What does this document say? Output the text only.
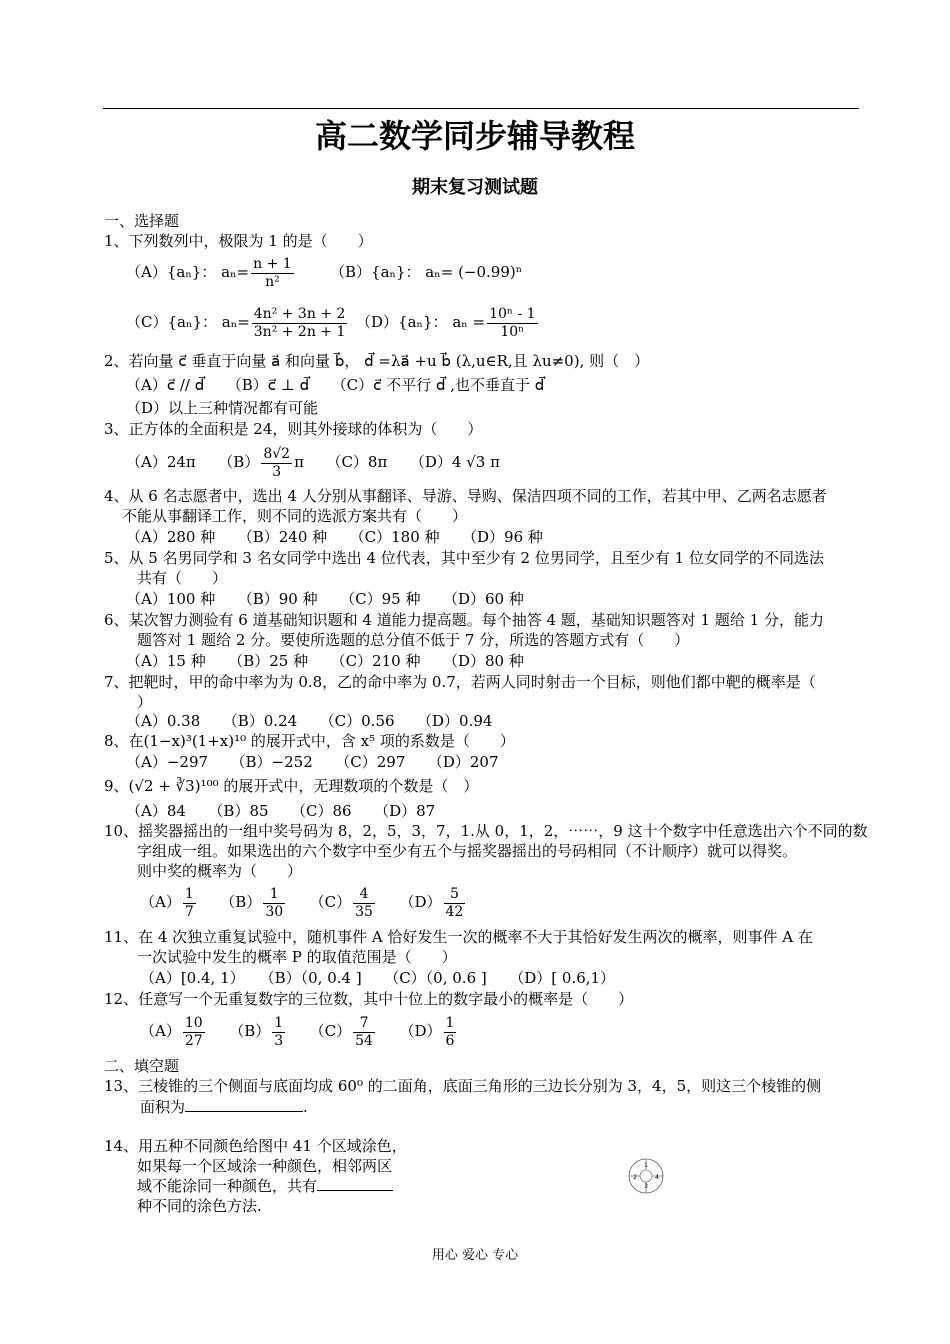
高二数学同步辅导教程
期末复习测试题
一、选择题
1、下列数列中，极限为 1 的是（　　）
（A）{aₙ}： $a_n= \frac{n + 1}{\text{n²}} (B)\{a_n\}$： aₙ= (−0.99)ⁿ
（C）{aₙ}： $a_n= \frac{\text{4n² + 3n + 2}}{\text{3n² + 2n + 1}} (D)\{a_n\}$： $a_n = \frac{\text{10ⁿ - 1}}{\text{10ⁿ}}$
2、若向量 c⃗ 垂直于向量 a⃗ 和向量 b⃗， d⃗ =λa⃗ +u b⃗ (λ,u∈R,且 λu≠0), 则（　）
（A）c⃗ // d⃗　　（B）c⃗ ⊥ d⃗　　（C）c⃗ 不平行 d⃗ ,也不垂直于 d⃗
（D）以上三种情况都有可能
3、正方体的全面积是 24，则其外接球的体积为（　　）
（A）24π　　 $(B) \frac{8√2}{3}$ π　　 （C）8π　　 （D）4 √3 π
4、从 6 名志愿者中，选出 4 人分别从事翻译、导游、导购、保洁四项不同的工作，若其中甲、乙两名志愿者
不能从事翻译工作，则不同的选派方案共有（　　）
（A）280 种　　（B）240 种　　（C）180 种　　（D）96 种
5、从 5 名男同学和 3 名女同学中选出 4 位代表，其中至少有 2 位男同学，且至少有 1 位女同学的不同选法
共有（　　）
（A）100 种　　（B）90 种　　（C）95 种　　（D）60 种
6、某次智力测验有 6 道基础知识题和 4 道能力提高题。每个抽答 4 题，基础知识题答对 1 题给 1 分，能力
题答对 1 题给 2 分。要使所选题的总分值不低于 7 分，所选的答题方式有（　　）
（A）15 种　　（B）25 种　　（C）210 种　　（D）80 种
7、把靶时，甲的命中率为为 0.8，乙的命中率为 0.7，若两人同时射击一个目标，则他们都中靶的概率是（
）
（A）0.38　　（B）0.24　　（C）0.56　　（D）0.94
8、在(1−x)³(1+x)¹⁰ 的展开式中，含 x⁵ 项的系数是（　　）
（A）−297　　（B）−252　　（C）297　　（D）207
9、(√2 + ∛3)¹⁰⁰ 的展开式中，无理数项的个数是（　）
（A）84　　（B）85　　（C）86　　（D）87
10、摇奖器摇出的一组中奖号码为 8，2，5，3，7，1.从 0，1，2，⋯⋯，9 这十个数字中任意选出六个不同的数
字组成一组。如果选出的六个数字中至少有五个与摇奖器摇出的号码相同（不计顺序）就可以得奖。
则中奖的概率为（　　）
$(A) \frac{1}{7}$
　　 $(B) \frac{1}{30}$
　　 $(C) \frac{4}{35}$
　　 $(D) \frac{5}{42}$
11、在 4 次独立重复试验中，随机事件 A 恰好发生一次的概率不大于其恰好发生两次的概率，则事件 A 在
一次试验中发生的概率 P 的取值范围是（　　）
（A）[0.4, 1）　　（B）（0, 0.4 ]　　（C）（0, 0.6 ]　　（D）[ 0.6,1）
12、任意写一个无重复数字的三位数，其中十位上的数字最小的概率是（　　）
$(A) \frac{10}{27}$
　　 $(B) \frac{1}{3}$
　　 $(C) \frac{7}{54}$
　　 $(D) \frac{1}{6}$
二、填空题
13、三棱锥的三个侧面与底面均成 60⁰ 的二面角，底面三角形的三边长分别为 3，4，5，则这三个棱锥的侧
面积为	.
14、用五种不同颜色给图中 41 个区域涂色，
如果每一个区域涂一种颜色，相邻两区
域不能涂同一种颜色，共有
种不同的涂色方法.
1
2
3
4
用心 爱心 专心
